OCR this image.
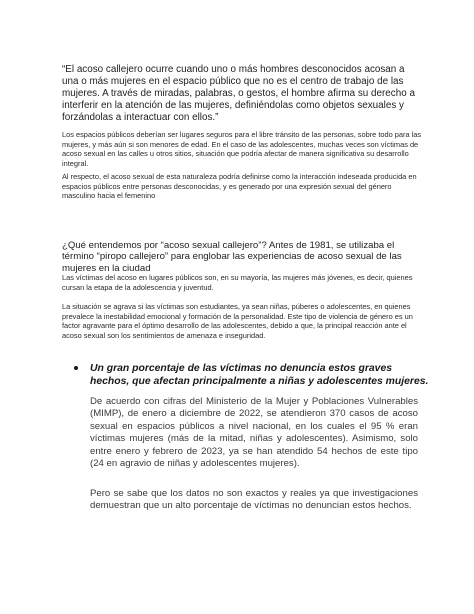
“El acoso callejero ocurre cuando uno o más hombres desconocidos acosan a una o más mujeres en el espacio público que no es el centro de trabajo de las mujeres. A través de miradas, palabras, o gestos, el hombre afirma su derecho a interferir en la atención de las mujeres, definiéndolas como objetos sexuales y forzándolas a interactuar con ellos.”
Los espacios públicos deberían ser lugares seguros para el libre tránsito de las personas, sobre todo para las mujeres, y más aún si son menores de edad. En el caso de las adolescentes, muchas veces son víctimas de acoso sexual en las calles u otros sitios, situación que podría afectar de manera significativa su desarrollo integral.
Al respecto, el acoso sexual de esta naturaleza podría definirse como la interacción indeseada producida en espacios públicos entre personas desconocidas, y es generado por una expresión sexual del género masculino hacia el femenino
¿Qué entendemos por “acoso sexual callejero”? Antes de 1981, se utilizaba el término “piropo callejero” para englobar las experiencias de acoso sexual de las mujeres en la ciudad
Las víctimas del acoso en lugares públicos son, en su mayoría, las mujeres más jóvenes, es decir, quienes cursan la etapa de la adolescencia y juventud.
La situación se agrava si las víctimas son estudiantes, ya sean niñas, púberes o adolescentes, en quienes prevalece la inestabilidad emocional y formación de la personalidad. Este tipo de violencia de género es un factor agravante para el óptimo desarrollo de las adolescentes, debido a que, la principal reacción ante el acoso sexual son los sentimientos de amenaza e inseguridad.
Un gran porcentaje de las víctimas no denuncia estos graves hechos, que afectan principalmente a niñas y adolescentes mujeres.
De acuerdo con cifras del Ministerio de la Mujer y Poblaciones Vulnerables (MIMP), de enero a diciembre de 2022, se atendieron 370 casos de acoso sexual en espacios públicos a nivel nacional, en los cuales el 95 % eran víctimas mujeres (más de la mitad, niñas y adolescentes). Asimismo, solo entre enero y febrero de 2023, ya se han atendido 54 hechos de este tipo (24 en agravio de niñas y adolescentes mujeres).
Pero se sabe que los datos no son exactos y reales ya que investigaciones demuestran que un alto porcentaje de víctimas no denuncian estos hechos.
